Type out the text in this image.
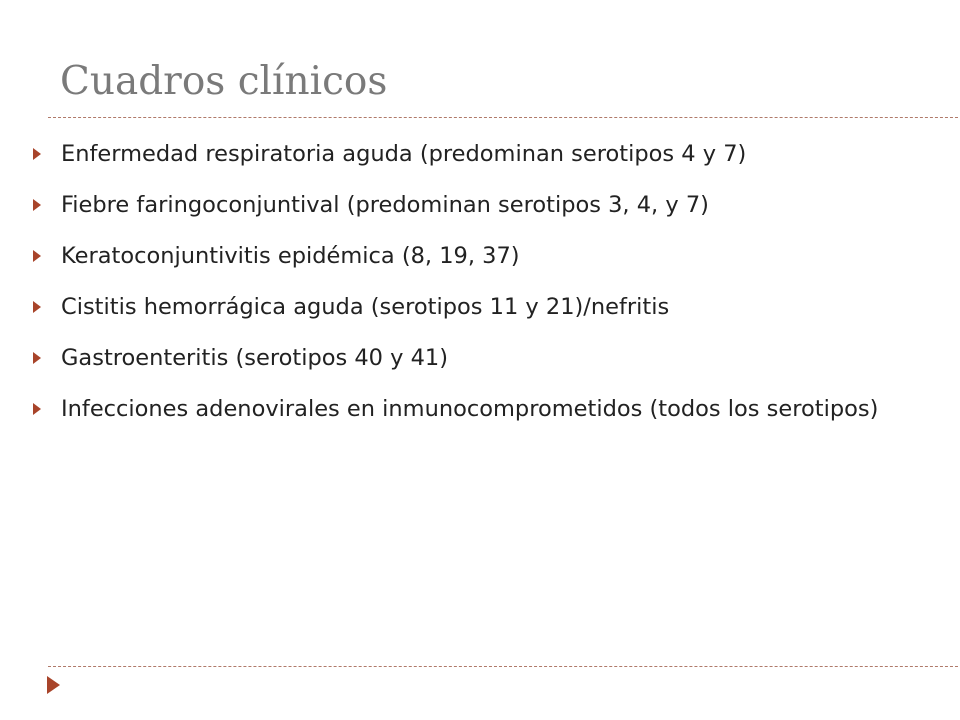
Cuadros clínicos
Enfermedad respiratoria aguda (predominan serotipos 4 y 7)
Fiebre faringoconjuntival (predominan serotipos 3, 4, y 7)
Keratoconjuntivitis epidémica (8, 19, 37)
Cistitis hemorrágica aguda (serotipos 11 y 21)/nefritis
Gastroenteritis (serotipos 40 y 41)
Infecciones adenovirales en inmunocomprometidos (todos los serotipos)
